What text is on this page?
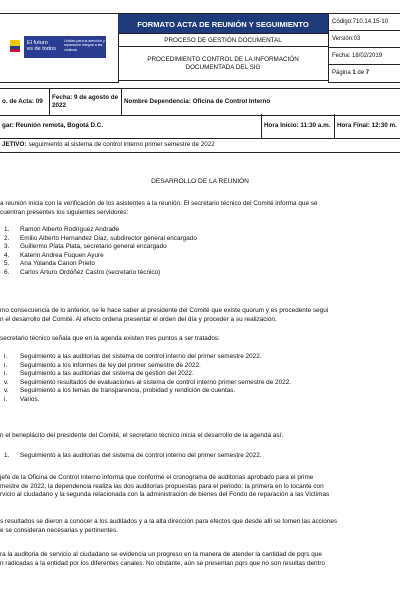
El futuro
es de todos
Unidad para la atención y reparación integral a las víctimas
FORMATO ACTA DE REUNIÓN Y SEGUIMIENTO
PROCESO DE GESTIÓN DOCUMENTAL
PROCEDIMIENTO CONTROL DE LA INFORMACIÓN DOCUMENTADA DEL SIG
Código:710.14.15-10
Versión:03
Fecha: 18/02/2019
Página 1 de 7
o. de Acta: 09
Fecha: 9 de agosto de 2022
Nombre Dependencia: Oficina de Control Interno
gar: Reunión remota, Bogotá D.C.	Hora Inicio: 11:30 a.m.	Hora Final: 12:30 m.
JETIVO: seguimiento al sistema de control interno primer semestre de 2022
DESARROLLO DE LA REUNIÓN
a reunión inicia con la verificación de los asistentes a la reunión. El secretario técnico del Comité informa que se
cuentran presentes los siguientes servidores:
1.	Ramon Alberto Rodríguez Andrade
2.	Emilio Alberto Hernandez Diaz, subdirector general encargado
3.	Guillermo Plata Plata, secretario general encargado
4.	Katerin Andrea Fuquen Ayure
5.	Ana Yolanda Canon Prieto
6.	Carlos Arturo Ordóñez Castro (secretario técnico)
mo consecuencia de lo anterior, se le hace saber al presidente del Comité que existe quorum y es procedente segui
n el desarrollo del Comité. Al efecto ordena presentar el orden del día y proceder a su realización.
secretario técnico señala que en la agenda existen tres puntos a ser tratados:
i.	Seguimiento a las auditorias del sistema de control interno del primer semestre 2022.
i.	Seguimiento a los informes de ley del primer semestre de 2022.
i.	Seguimiento a las auditorias del sistema de gestión del 2022.
v.	Seguimiento resultados de evaluaciones al sistema de control interno primer semestre de 2022.
v.	Seguimiento a los temas de transparencia, probidad y rendición de cuentas.
i.	Varios.
n el beneplácito del presidente del Comité, el secretario técnico inicia el desarrollo de la agenda así:
1.	Seguimiento a las auditorias del sistema de control interno del primer semestre 2022.
jefe de la Oficina de Control Interno informa que conforme el cronograma de auditorias aprobado para el prime
mestre de 2022, la dependencia realiza las dos auditorias propuestas para el periodo: la primera en lo tocante con
rvicio al ciudadano y la segunda relacionada con la administración de bienes del Fondo de reparación a las Victimas
s resultados se dieron a conocer a los auditados y a la alta dirección para efectos que desde allí se tomen las acciones
e se consideran necesarias y pertinentes.
ra la auditoria de servicio al ciudadano se evidencia un progreso en la manera de atender la cantidad de pqrs que
n radicadas a la entidad por los diferentes canales. No obstante, aún se presentan pqrs que no son resultas dentro
